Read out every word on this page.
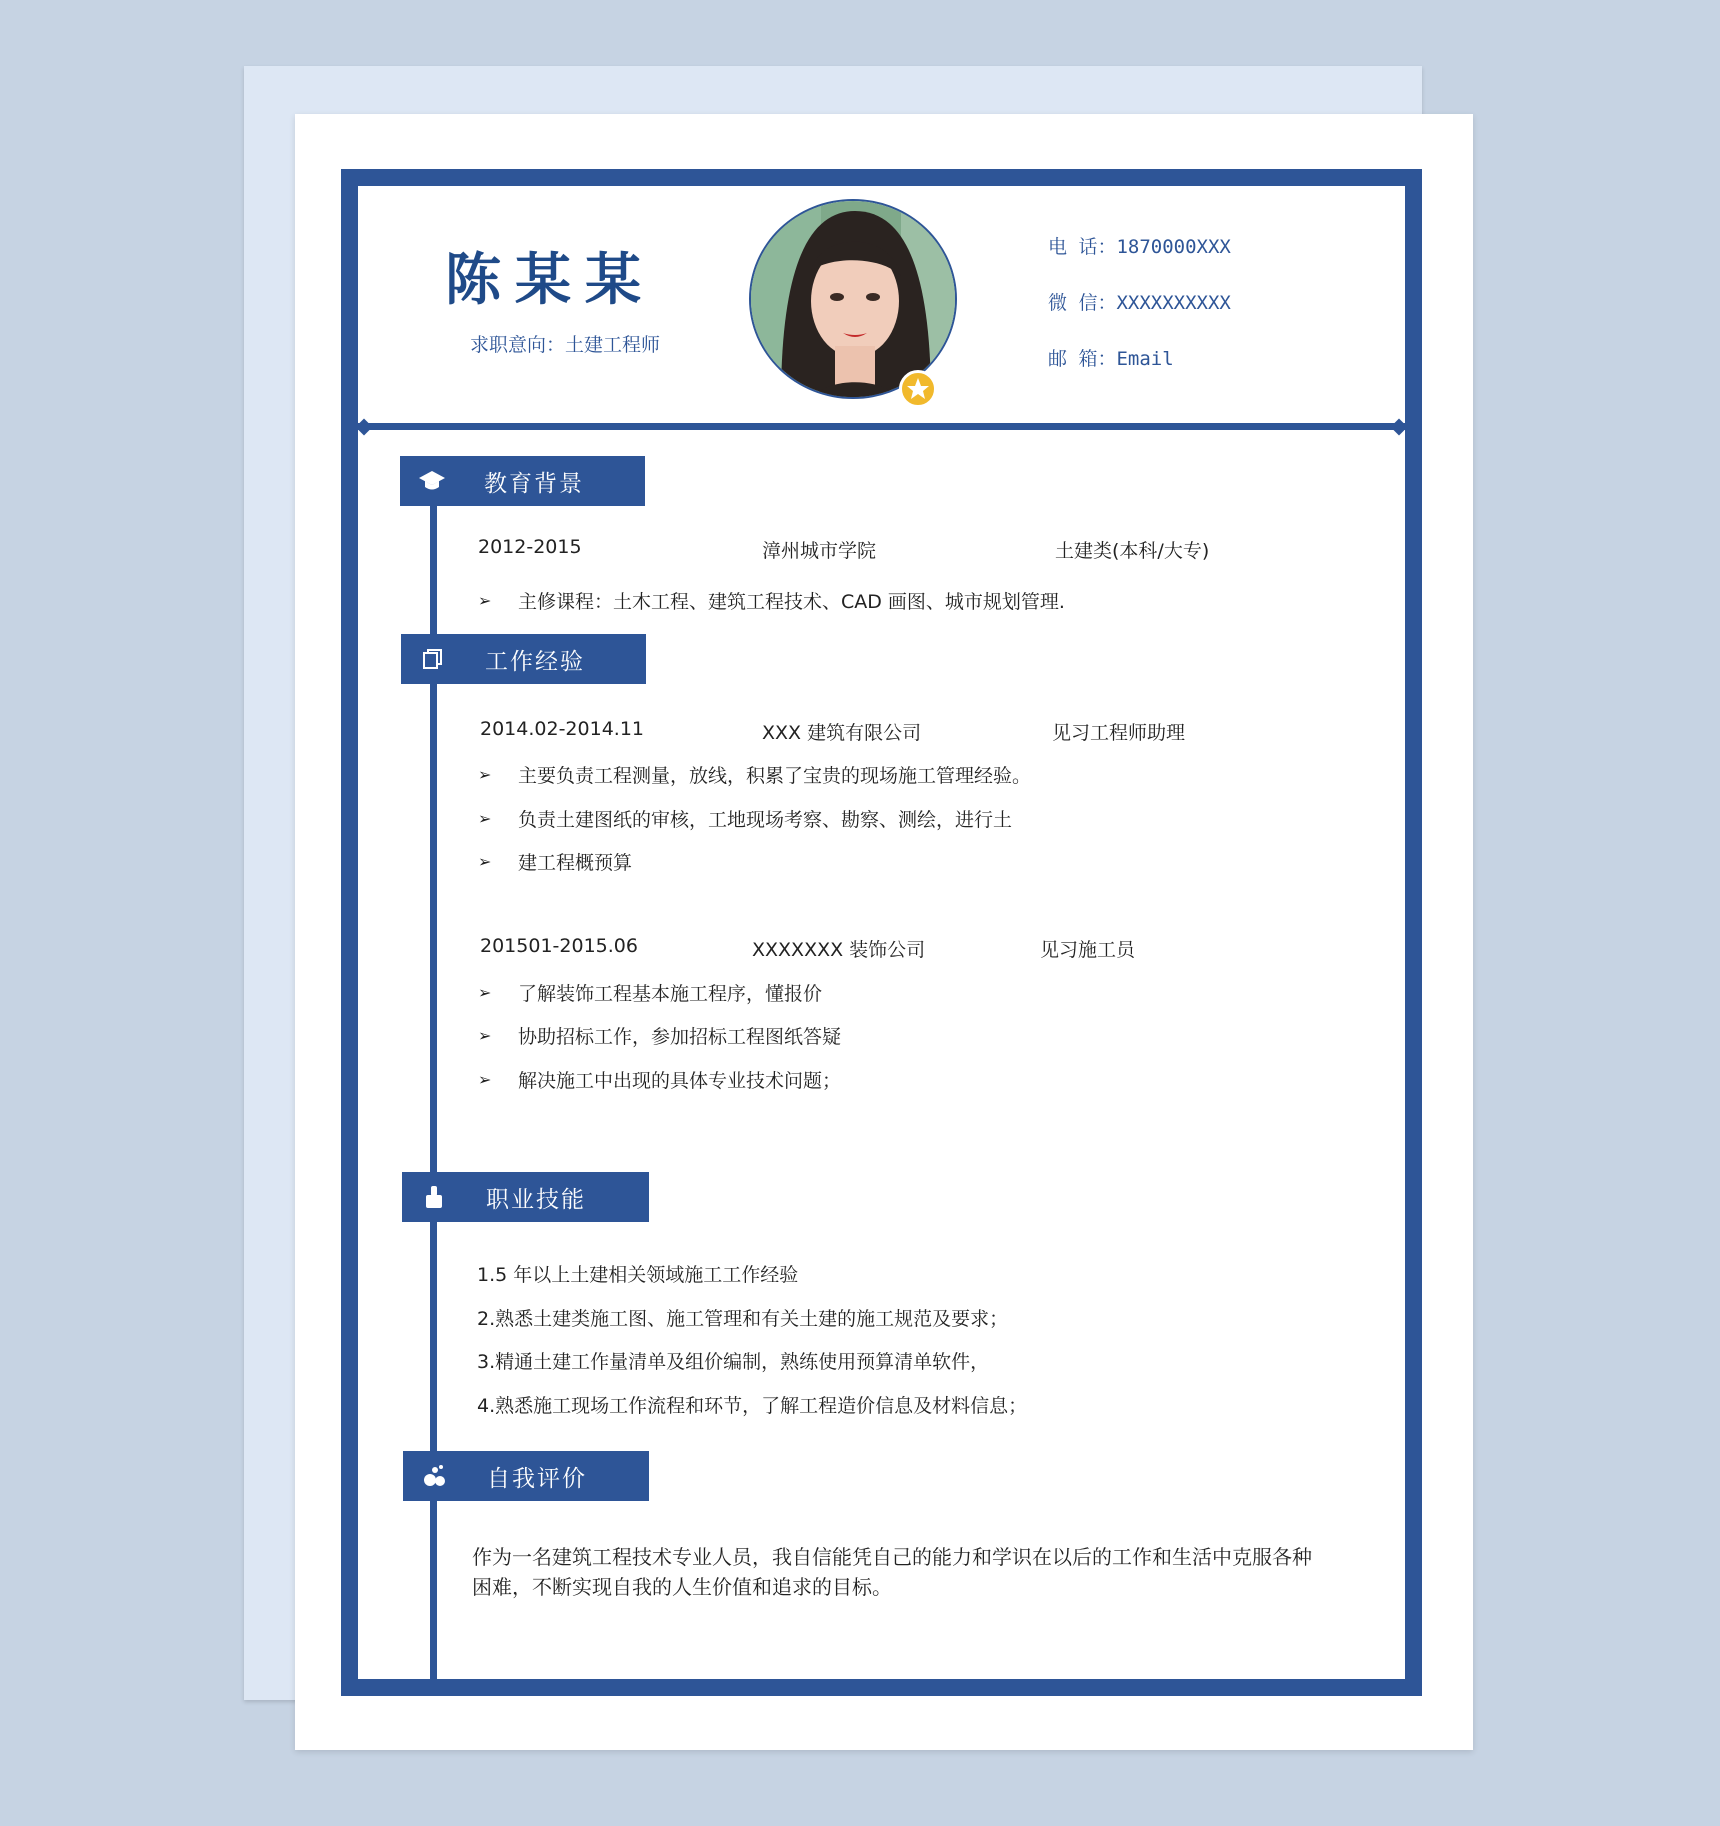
陈某某
求职意向：土建工程师
电 话：1870000XXX
微 信：XXXXXXXXXX
邮 箱：Email
教育背景
2012-2015	漳州城市学院	土建类(本科/大专)
➢	主修课程：土木工程、建筑工程技术、CAD 画图、城市规划管理.
工作经验
2014.02-2014.11	XXX 建筑有限公司	见习工程师助理
➢	主要负责工程测量，放线，积累了宝贵的现场施工管理经验。
➢	负责土建图纸的审核，工地现场考察、勘察、测绘，进行土
➢	建工程概预算
201501-2015.06	XXXXXXX 装饰公司	见习施工员
➢	了解装饰工程基本施工程序，懂报价
➢	协助招标工作，参加招标工程图纸答疑
➢	解决施工中出现的具体专业技术问题；
职业技能
1.5 年以上土建相关领域施工工作经验
2.熟悉土建类施工图、施工管理和有关土建的施工规范及要求；
3.精通土建工作量清单及组价编制，熟练使用预算清单软件，
4.熟悉施工现场工作流程和环节，了解工程造价信息及材料信息；
自我评价
作为一名建筑工程技术专业人员，我自信能凭自己的能力和学识在以后的工作和生活中克服各种困难，不断实现自我的人生价值和追求的目标。
